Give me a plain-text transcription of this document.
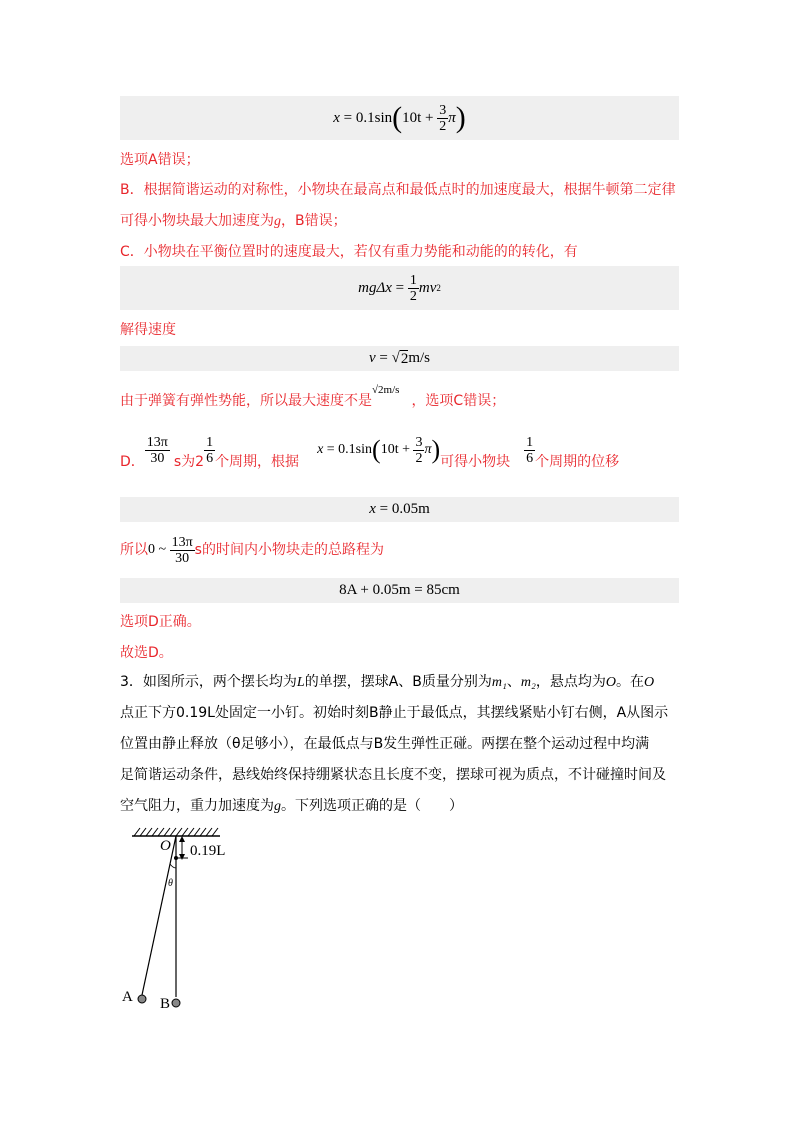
x = 0.1sin ( $10t + \frac{3}{2}$ π )
选项A错误；
B．根据简谐运动的对称性，小物块在最高点和最低点时的加速度最大，根据牛顿第二定律
可得小物块最大加速度为g，B错误；
C．小物块在平衡位置时的速度最大，若仅有重力势能和动能的的转化，有
$mg\Delta x = \frac{1}{2}$ mv 2
解得速度
v = √ 2 m/s
由于弹簧有弹性势能，所以最大速度不是$^{√2m/s}$，选项C错误；
D． $\frac{13\pi}{30}$ s为$2 \frac{1}{6}$ 个周期，根据
x = 0.1sin ( $10t + \frac{3}{2}$ π ) 可得小物块 $\frac{1}{6}$ 个周期的位移
x = 0.05m
所以 0 ~ $\frac{13\pi}{30}$ s的时间内小物块走的总路程为
8A + 0.05m = 85cm
选项D正确。
故选D。
3．如图所示，两个摆长均为L的单摆，摆球A、B质量分别为m₁、m₂，悬点均为O。在O
点正下方0.19L处固定一小钉。初始时刻B静止于最低点，其摆线紧贴小钉右侧，A从图示
位置由静止释放（θ足够小），在最低点与B发生弹性正碰。两摆在整个运动过程中均满
足简谐运动条件，悬线始终保持绷紧状态且长度不变，摆球可视为质点，不计碰撞时间及
空气阻力，重力加速度为g。下列选项正确的是（　　）
O 0.19L
θ
A B
